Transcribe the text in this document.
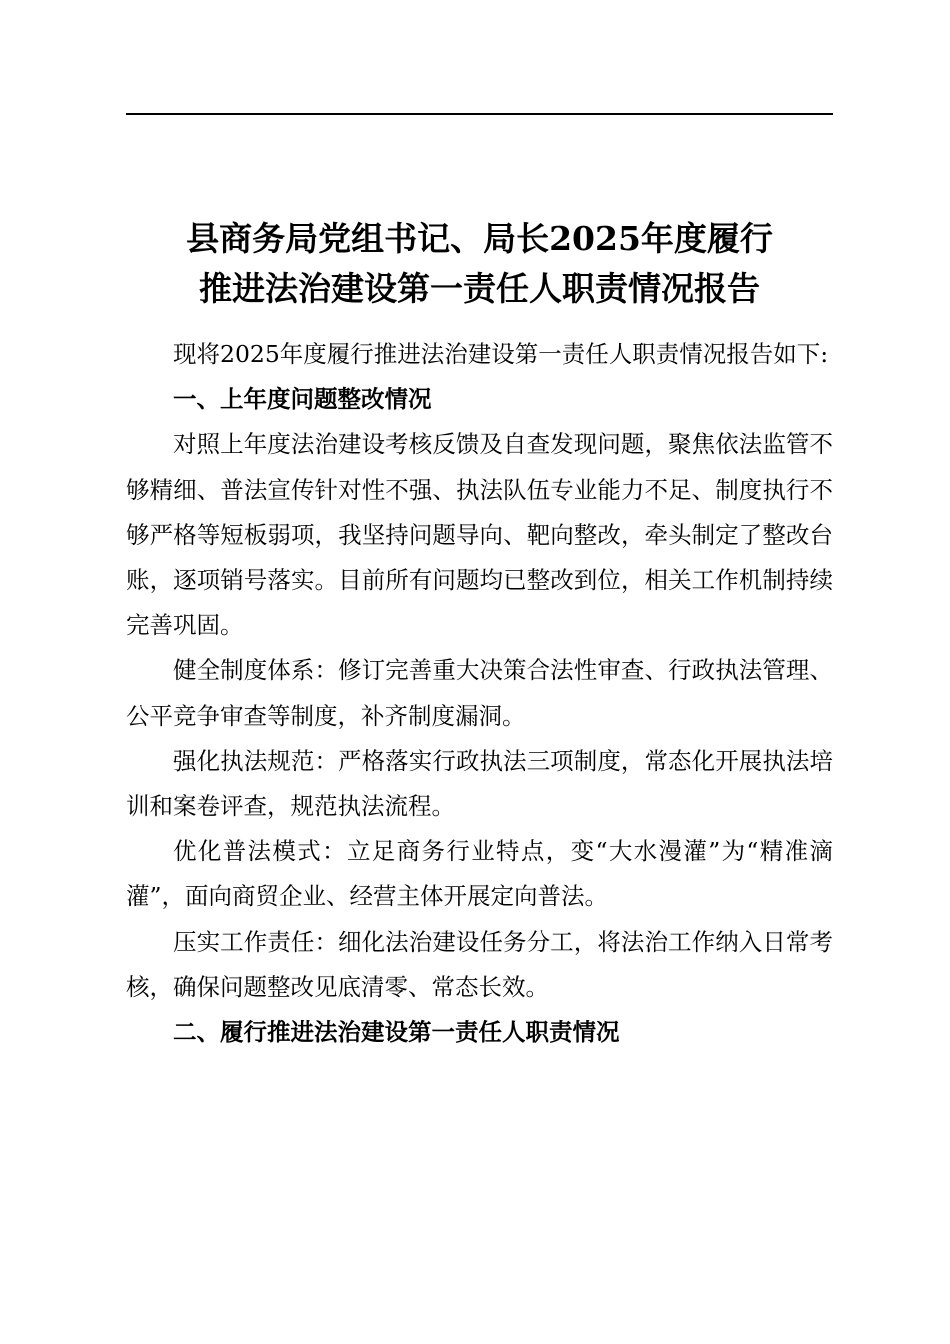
县商务局党组书记、局长2025年度履行
推进法治建设第一责任人职责情况报告

现将2025年度履行推进法治建设第一责任人职责情况报告如下:

一、上年度问题整改情况

对照上年度法治建设考核反馈及自查发现问题，聚焦依法监管不够精细、普法宣传针对性不强、执法队伍专业能力不足、制度执行不够严格等短板弱项，我坚持问题导向、靶向整改，牵头制定了整改台账，逐项销号落实。目前所有问题均已整改到位，相关工作机制持续完善巩固。

健全制度体系：修订完善重大决策合法性审查、行政执法管理、公平竞争审查等制度，补齐制度漏洞。

强化执法规范：严格落实行政执法三项制度，常态化开展执法培训和案卷评查，规范执法流程。

优化普法模式：立足商务行业特点，变“大水漫灌”为“精准滴灌”，面向商贸企业、经营主体开展定向普法。

压实工作责任：细化法治建设任务分工，将法治工作纳入日常考核，确保问题整改见底清零、常态长效。

二、履行推进法治建设第一责任人职责情况
